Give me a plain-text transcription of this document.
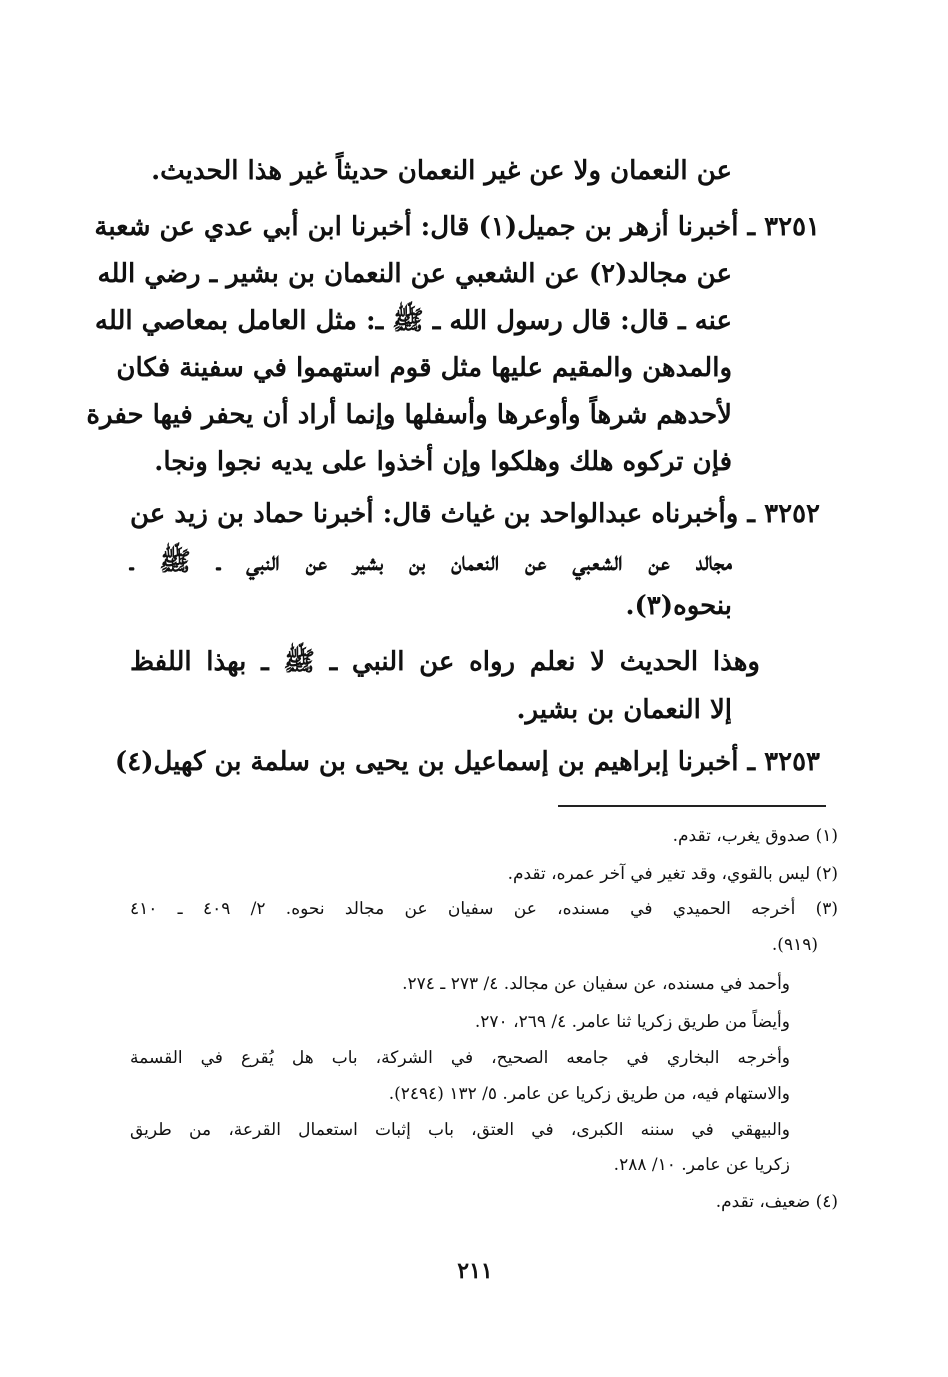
عن النعمان ولا عن غير النعمان حديثاً غير هذا الحديث.
٣٢٥١ ـ أخبرنا أزهر بن جميل(١) قال: أخبرنا ابن أبي عدي عن شعبة
عن مجالد(٢) عن الشعبي عن النعمان بن بشير ـ رضي الله
عنه ـ قال: قال رسول الله ـ ﷺ ـ: مثل العامل بمعاصي الله
والمدهن والمقيم عليها مثل قوم استهموا في سفينة فكان
لأحدهم شرهاً وأوعرها وأسفلها وإنما أراد أن يحفر فيها حفرة
فإن تركوه هلك وهلكوا وإن أخذوا على يديه نجوا ونجا.
٣٢٥٢ ـ وأخبرناه عبدالواحد بن غياث قال: أخبرنا حماد بن زيد عن
مجالد عن الشعبي عن النعمان بن بشير عن النبي ـ ﷺ ـ
بنحوه(٣).
وهذا الحديث لا نعلم رواه عن النبي ـ ﷺ ـ بهذا اللفظ
إلا النعمان بن بشير.
٣٢٥٣ ـ أخبرنا إبراهيم بن إسماعيل بن يحيى بن سلمة بن كهيل(٤)
(١) صدوق يغرب، تقدم.
(٢) ليس بالقوي، وقد تغير في آخر عمره، تقدم.
(٣) أخرجه الحميدي في مسنده، عن سفيان عن مجالد نحوه. ٢/ ٤٠٩ ـ ٤١٠
(٩١٩).
وأحمد في مسنده، عن سفيان عن مجالد. ٤/ ٢٧٣ ـ ٢٧٤.
وأيضاً من طريق زكريا ثنا عامر. ٤/ ٢٦٩، ٢٧٠.
وأخرجه البخاري في جامعه الصحيح، في الشركة، باب هل يُقرع في القسمة
والاستهام فيه، من طريق زكريا عن عامر. ٥/ ١٣٢ (٢٤٩٤).
والبيهقي في سننه الكبرى، في العتق، باب إثبات استعمال القرعة، من طريق
زكريا عن عامر. ١٠/ ٢٨٨.
(٤) ضعيف، تقدم.
٢١١
